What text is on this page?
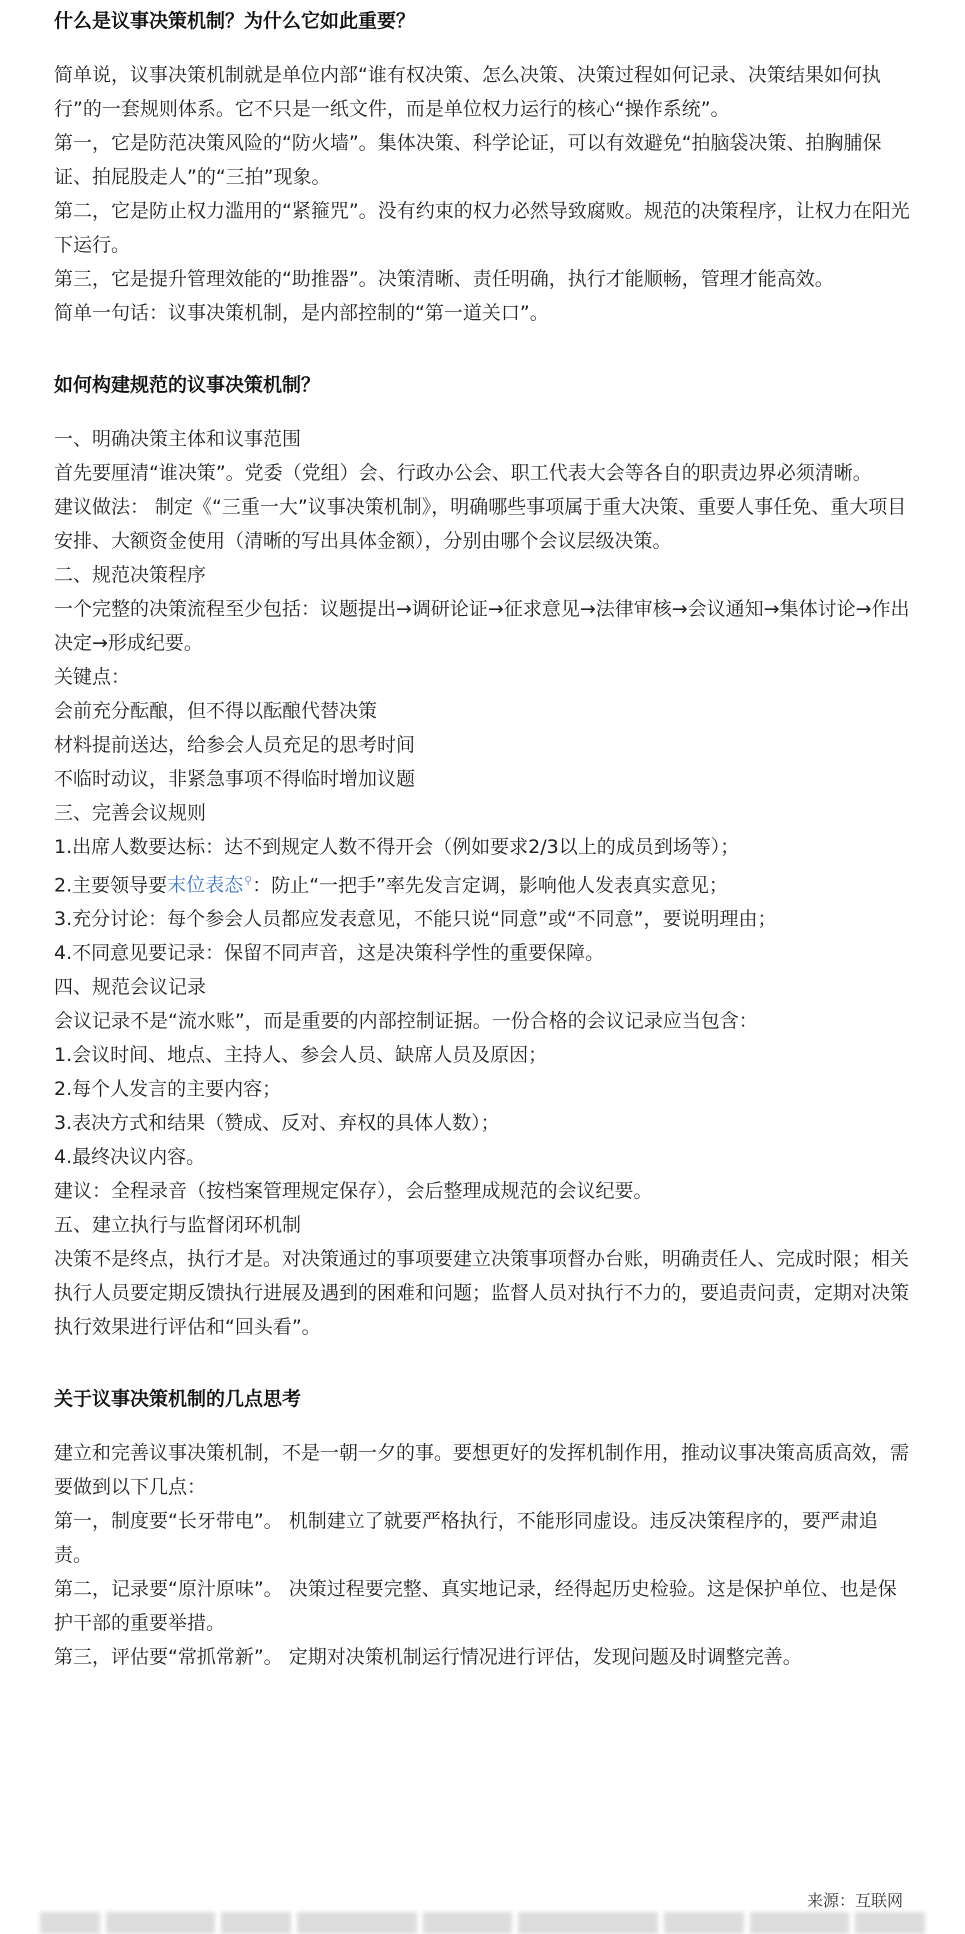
什么是议事决策机制？为什么它如此重要？

简单说，议事决策机制就是单位内部“谁有权决策、怎么决策、决策过程如何记录、决策结果如何执行”的一套规则体系。它不只是一纸文件，而是单位权力运行的核心“操作系统”。

第一，它是防范决策风险的“防火墙”。集体决策、科学论证，可以有效避免“拍脑袋决策、拍胸脯保证、拍屁股走人”的“三拍”现象。

第二，它是防止权力滥用的“紧箍咒”。没有约束的权力必然导致腐败。规范的决策程序，让权力在阳光下运行。

第三，它是提升管理效能的“助推器”。决策清晰、责任明确，执行才能顺畅，管理才能高效。

简单一句话：议事决策机制，是内部控制的“第一道关口”。

如何构建规范的议事决策机制？

一、明确决策主体和议事范围

首先要厘清“谁决策”。党委（党组）会、行政办公会、职工代表大会等各自的职责边界必须清晰。

建议做法： 制定《“三重一大”议事决策机制》，明确哪些事项属于重大决策、重要人事任免、重大项目安排、大额资金使用（清晰的写出具体金额），分别由哪个会议层级决策。

二、规范决策程序

一个完整的决策流程至少包括：议题提出→调研论证→征求意见→法律审核→会议通知→集体讨论→作出决定→形成纪要。

关键点：

会前充分酝酿，但不得以酝酿代替决策

材料提前送达，给参会人员充足的思考时间

不临时动议，非紧急事项不得临时增加议题

三、完善会议规则

1.出席人数要达标：达不到规定人数不得开会（例如要求2/3以上的成员到场等）；

2.主要领导要末位表态⚲：防止“一把手”率先发言定调，影响他人发表真实意见；

3.充分讨论：每个参会人员都应发表意见，不能只说“同意”或“不同意”，要说明理由；

4.不同意见要记录：保留不同声音，这是决策科学性的重要保障。

四、规范会议记录

会议记录不是“流水账”，而是重要的内部控制证据。一份合格的会议记录应当包含：

1.会议时间、地点、主持人、参会人员、缺席人员及原因；

2.每个人发言的主要内容；

3.表决方式和结果（赞成、反对、弃权的具体人数）；

4.最终决议内容。

建议：全程录音（按档案管理规定保存），会后整理成规范的会议纪要。

五、建立执行与监督闭环机制

决策不是终点，执行才是。对决策通过的事项要建立决策事项督办台账，明确责任人、完成时限；相关执行人员要定期反馈执行进展及遇到的困难和问题；监督人员对执行不力的，要追责问责，定期对决策执行效果进行评估和“回头看”。

关于议事决策机制的几点思考

建立和完善议事决策机制，不是一朝一夕的事。要想更好的发挥机制作用，推动议事决策高质高效，需要做到以下几点：

第一，制度要“长牙带电”。 机制建立了就要严格执行，不能形同虚设。违反决策程序的，要严肃追责。

第二，记录要“原汁原味”。 决策过程要完整、真实地记录，经得起历史检验。这是保护单位、也是保护干部的重要举措。

第三，评估要“常抓常新”。 定期对决策机制运行情况进行评估，发现问题及时调整完善。

来源：互联网
